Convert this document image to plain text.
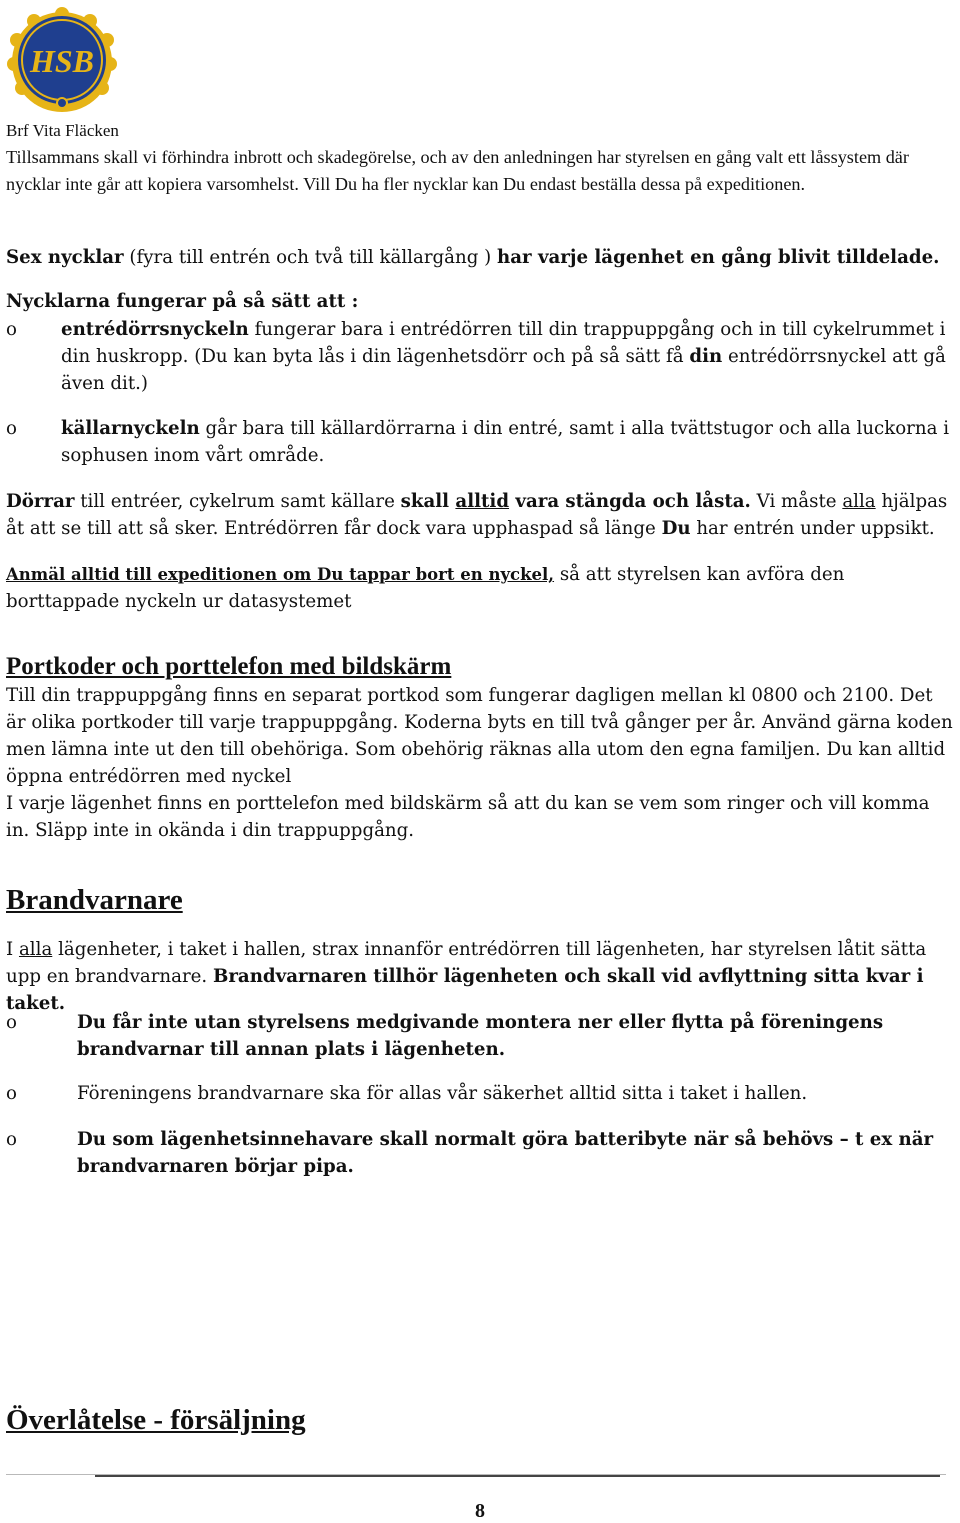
HSB
Brf Vita Fläcken

Tillsammans skall vi förhindra inbrott och skadegörelse, och av den anledningen har styrelsen en gång valt ett låssystem där nycklar inte går att kopiera varsomhelst. Vill Du ha fler nycklar kan Du endast beställa dessa på expeditionen.

Sex nycklar (fyra till entrén och två till källargång ) har varje lägenhet en gång blivit tilldelade.

Nycklarna fungerar på så sätt att :

o entrédörrsnyckeln fungerar bara i entrédörren till din trappuppgång och in till cykelrummet i din huskropp. (Du kan byta lås i din lägenhetsdörr och på så sätt få din entrédörrsnyckel att gå även dit.)
o källarnyckeln går bara till källardörrarna i din entré, samt i alla tvättstugor och alla luckorna i sophusen inom vårt område.

Dörrar till entréer, cykelrum samt källare skall alltid vara stängda och låsta. Vi måste alla hjälpas åt att se till att så sker. Entrédörren får dock vara upphaspad så länge Du har entrén under uppsikt.

Anmäl alltid till expeditionen om Du tappar bort en nyckel, så att styrelsen kan avföra den borttappade nyckeln ur datasystemet

Portkoder och porttelefon med bildskärm

Till din trappuppgång finns en separat portkod som fungerar dagligen mellan kl 0800 och 2100. Det är olika portkoder till varje trappuppgång. Koderna byts en till två gånger per år. Använd gärna koden men lämna inte ut den till obehöriga. Som obehörig räknas alla utom den egna familjen. Du kan alltid öppna entrédörren med nyckel

I varje lägenhet finns en porttelefon med bildskärm så att du kan se vem som ringer och vill komma in. Släpp inte in okända i din trappuppgång.

Brandvarnare

I alla lägenheter, i taket i hallen, strax innanför entrédörren till lägenheten, har styrelsen låtit sätta upp en brandvarnare. Brandvarnaren tillhör lägenheten och skall vid avflyttning sitta kvar i taket.

o	Du får inte utan styrelsens medgivande montera ner eller flytta på föreningens brandvarnar till annan plats i lägenheten.
o	Föreningens brandvarnare ska för allas vår säkerhet alltid sitta i taket i hallen.
o	Du som lägenhetsinnehavare skall normalt göra batteribyte när så behövs – t ex när brandvarnaren börjar pipa.
Överlåtelse - försäljning
8
